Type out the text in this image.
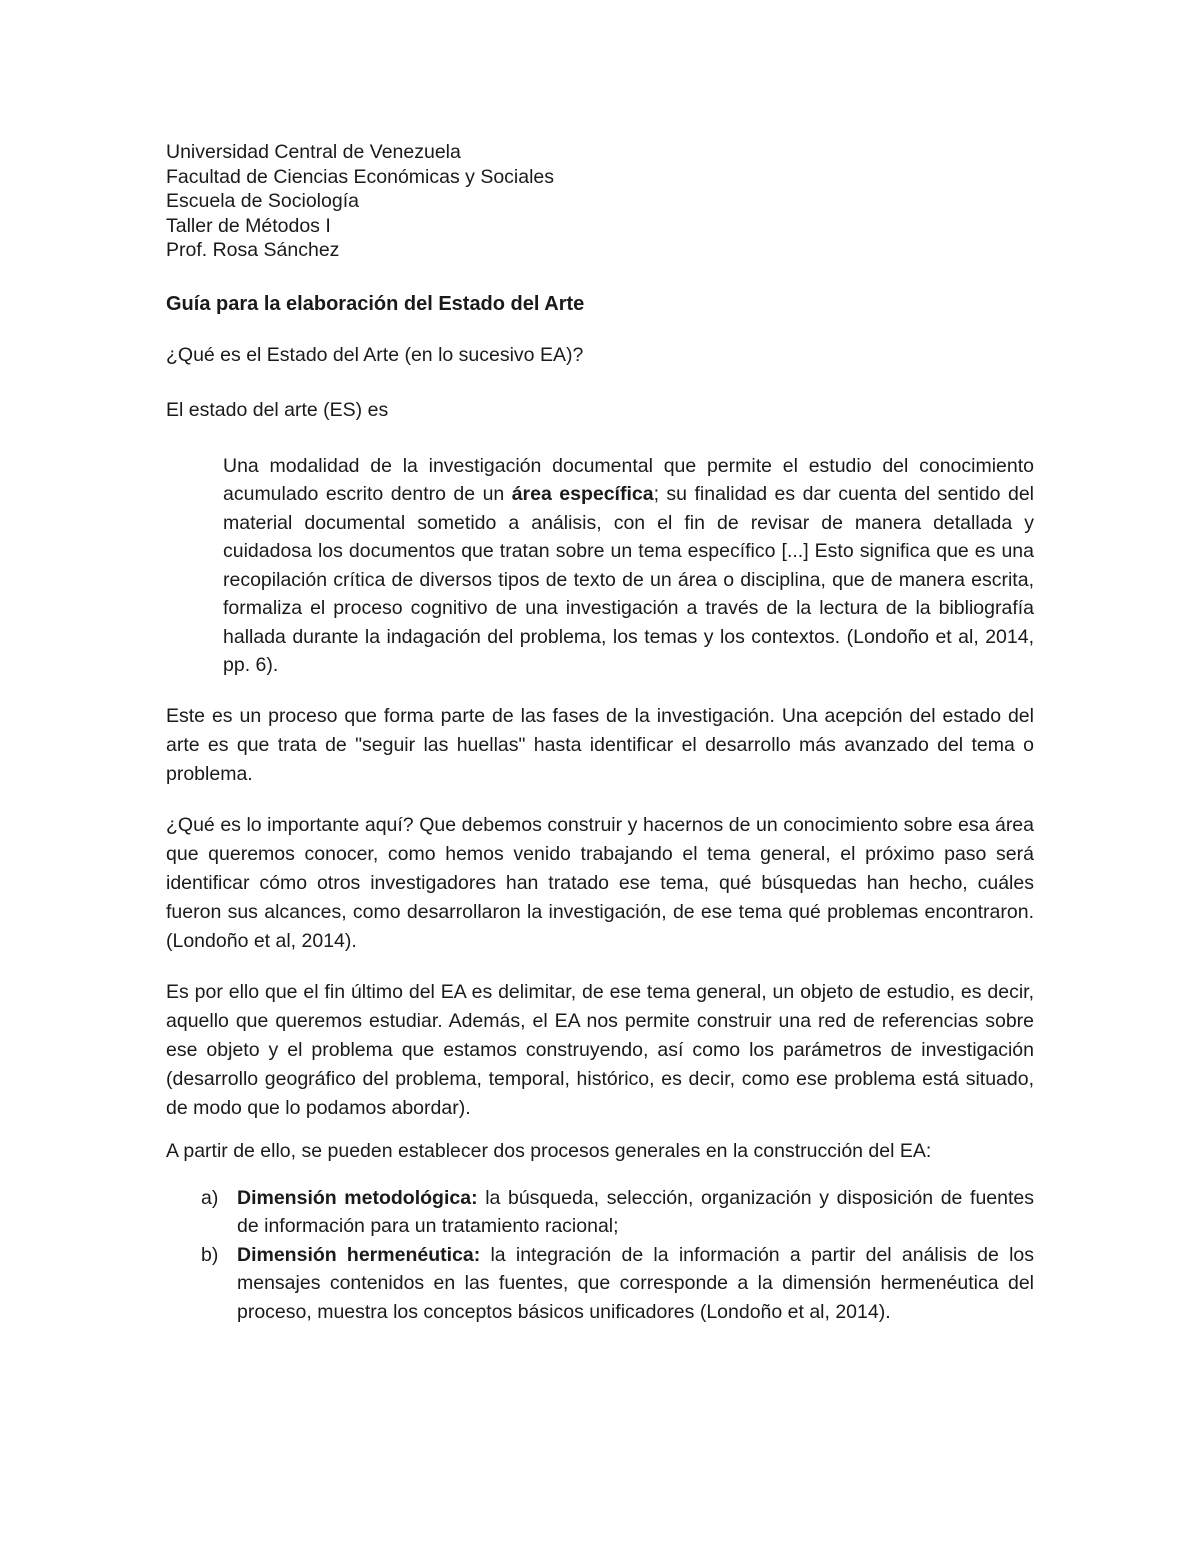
Universidad Central de Venezuela

Facultad de Ciencias Económicas y Sociales

Escuela de Sociología

Taller de Métodos I

Prof. Rosa Sánchez

Guía para la elaboración del Estado del Arte

¿Qué es el Estado del Arte (en lo sucesivo EA)?

El estado del arte (ES) es

Una modalidad de la investigación documental que permite el estudio del conocimiento acumulado escrito dentro de un área específica; su finalidad es dar cuenta del sentido del material documental sometido a análisis, con el fin de revisar de manera detallada y cuidadosa los documentos que tratan sobre un tema específico [...] Esto significa que es una recopilación crítica de diversos tipos de texto de un área o disciplina, que de manera escrita, formaliza el proceso cognitivo de una investigación a través de la lectura de la bibliografía hallada durante la indagación del problema, los temas y los contextos. (Londoño et al, 2014, pp. 6).

Este es un proceso que forma parte de las fases de la investigación. Una acepción del estado del arte es que trata de "seguir las huellas" hasta identificar el desarrollo más avanzado del tema o problema.

¿Qué es lo importante aquí? Que debemos construir y hacernos de un conocimiento sobre esa área que queremos conocer, como hemos venido trabajando el tema general, el próximo paso será identificar cómo otros investigadores han tratado ese tema, qué búsquedas han hecho, cuáles fueron sus alcances, como desarrollaron la investigación, de ese tema qué problemas encontraron. (Londoño et al, 2014).

Es por ello que el fin último del EA es delimitar, de ese tema general, un objeto de estudio, es decir, aquello que queremos estudiar. Además, el EA nos permite construir una red de referencias sobre ese objeto y el problema que estamos construyendo, así como los parámetros de investigación (desarrollo geográfico del problema, temporal, histórico, es decir, como ese problema está situado, de modo que lo podamos abordar).

A partir de ello, se pueden establecer dos procesos generales en la construcción del EA:

a) Dimensión metodológica: la búsqueda, selección, organización y disposición de fuentes de información para un tratamiento racional;
b) Dimensión hermenéutica: la integración de la información a partir del análisis de los mensajes contenidos en las fuentes, que corresponde a la dimensión hermenéutica del proceso, muestra los conceptos básicos unificadores (Londoño et al, 2014).
